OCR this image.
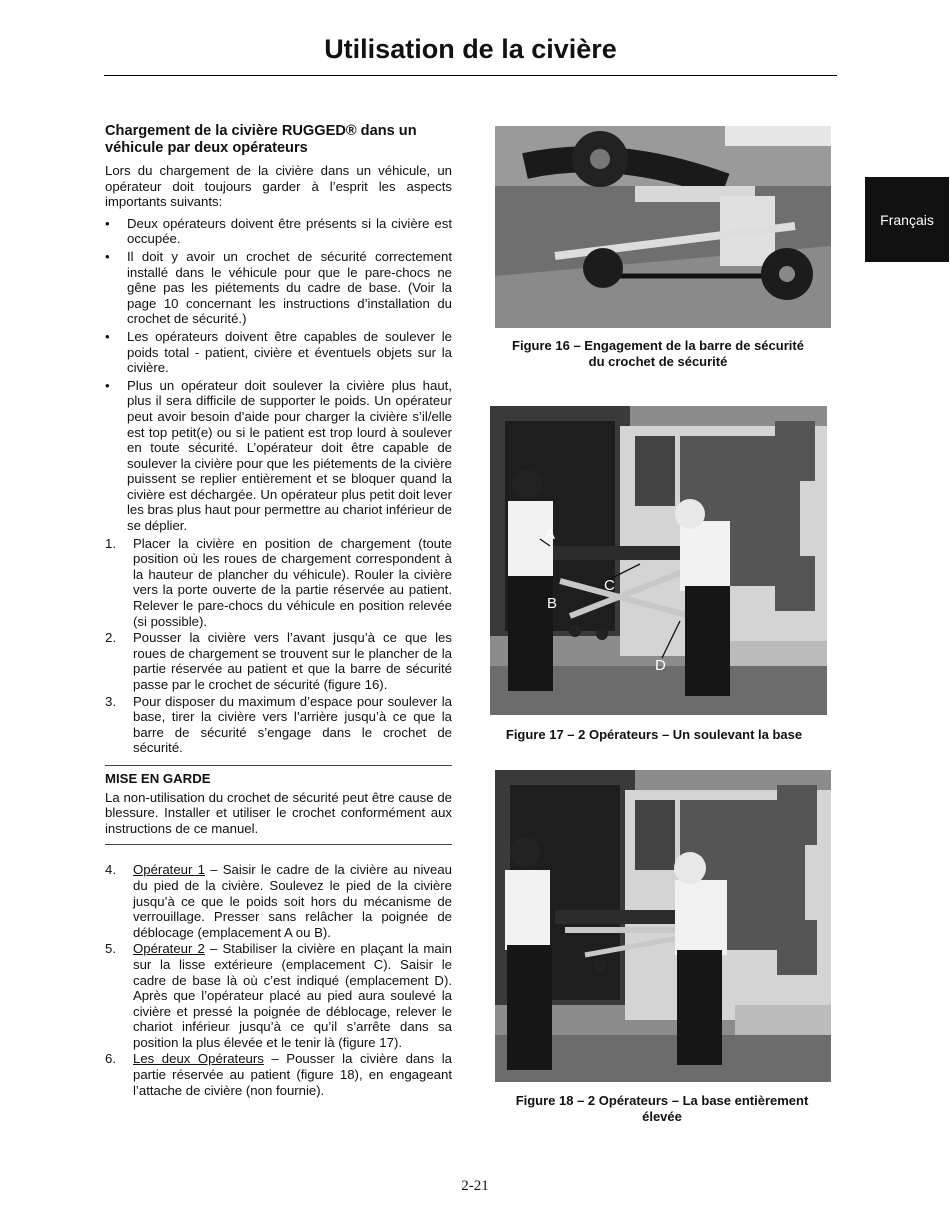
Utilisation de la civière
Français
Chargement de la civière RUGGED® dans un véhicule par deux opérateurs

Lors du chargement de la civière dans un véhicule, un opérateur doit toujours garder à l’esprit les aspects importants suivants:

• Deux opérateurs doivent être présents si la civière est occupée.
• Il doit y avoir un crochet de sécurité correctement installé dans le véhicule pour que le pare-chocs ne gêne pas les piétements du cadre de base. (Voir la page 10 concernant les instructions d’installation du crochet de sécurité.)
• Les opérateurs doivent être capables de soulever le poids total - patient, civière et éventuels objets sur la civière.
• Plus un opérateur doit soulever la civière plus haut, plus il sera difficile de supporter le poids. Un opérateur peut avoir besoin d’aide pour charger la civière s’il/elle est top petit(e) ou si le patient est trop lourd à soulever en toute sécurité. L’opérateur doit être capable de soulever la civière pour que les piétements de la civière puissent se replier entièrement et se bloquer quand la civière est déchargée. Un opérateur plus petit doit lever les bras plus haut pour permettre au chariot inférieur de se déplier.
1. Placer la civière en position de chargement (toute position où les roues de chargement correspondent à la hauteur de plancher du véhicule). Rouler la civière vers la porte ouverte de la partie réservée au patient. Relever le pare-chocs du véhicule en position relevée (si possible).
2. Pousser la civière vers l’avant jusqu’à ce que les roues de chargement se trouvent sur le plancher de la partie réservée au patient et que la barre de sécurité passe par le crochet de sécurité (figure 16).
3. Pour disposer du maximum d’espace pour soulever la base, tirer la civière vers l’arrière jusqu’à ce que la barre de sécurité s’engage dans le crochet de sécurité.
MISE EN GARDE

La non-utilisation du crochet de sécurité peut être cause de blessure. Installer et utiliser le crochet conformément aux instructions de ce manuel.

4. Opérateur 1 – Saisir le cadre de la civière au niveau du pied de la civière. Soulevez le pied de la civière jusqu’à ce que le poids soit hors du mécanisme de verrouillage. Presser sans relâcher la poignée de déblocage (emplacement A ou B).
5. Opérateur 2 – Stabiliser la civière en plaçant la main sur la lisse extérieure (emplacement C). Saisir le cadre de base là où c’est indiqué (emplacement D). Après que l’opérateur placé au pied aura soulevé la civière et pressé la poignée de déblocage, relever le chariot inférieur jusqu’à ce qu’il s’arrête dans sa position la plus élevée et le tenir là (figure 17).
6. Les deux Opérateurs – Pousser la civière dans la partie réservée au patient (figure 18), en engageant l’attache de civière (non fournie).
Figure 16 – Engagement de la barre de sécurité
du crochet de sécurité
A
B
C
D
Figure 17 – 2 Opérateurs – Un soulevant la base
Figure 18 – 2 Opérateurs – La base entièrement
élevée
2-21
